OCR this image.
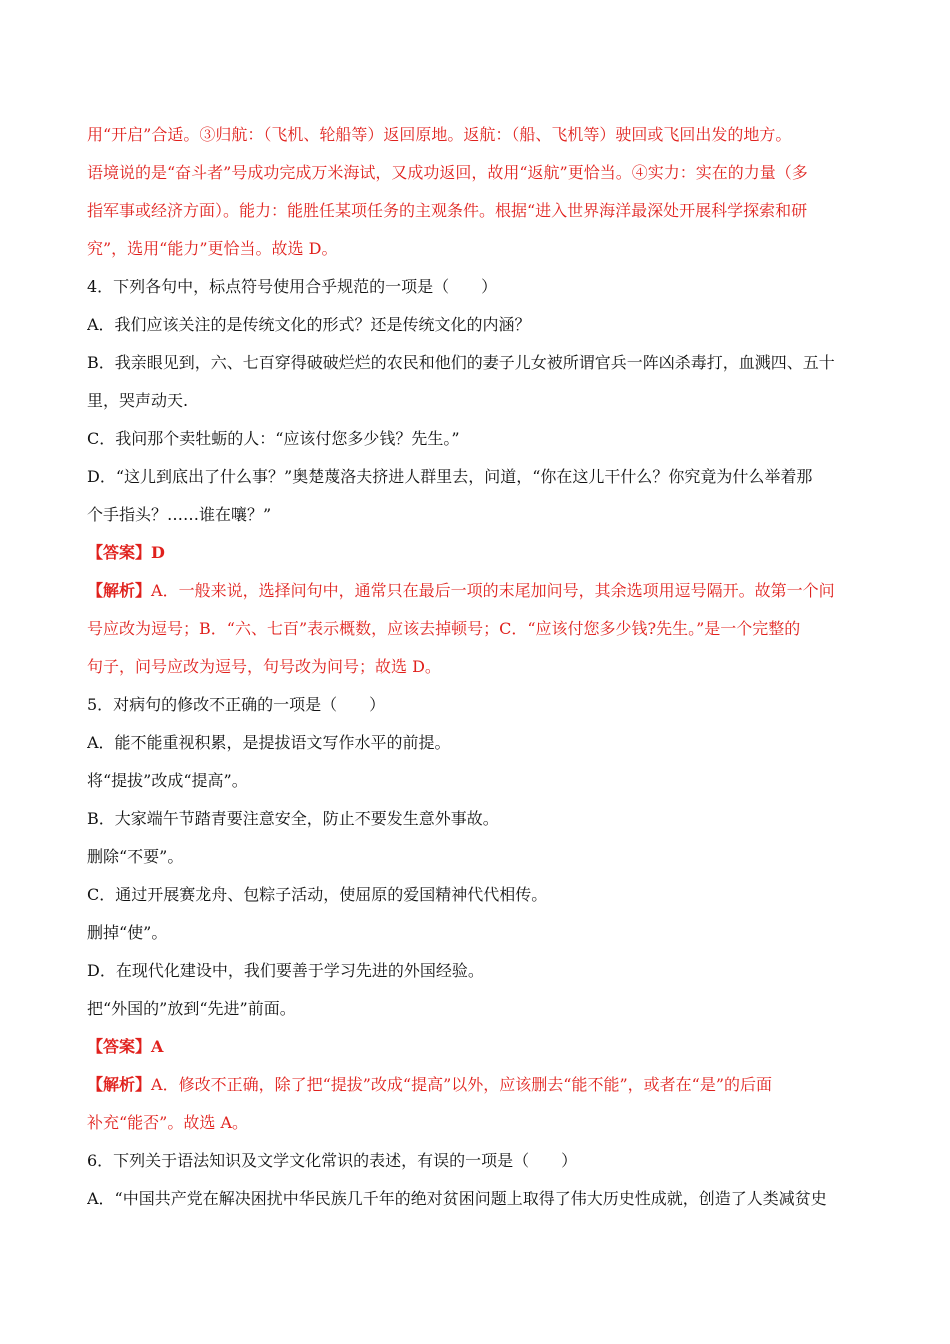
用“开启”合适。③归航：（飞机、轮船等）返回原地。返航：（船、飞机等）驶回或飞回出发的地方。
语境说的是“奋斗者”号成功完成万米海试，又成功返回，故用“返航”更恰当。④实力：实在的力量（多
指军事或经济方面）。能力：能胜任某项任务的主观条件。根据“进入世界海洋最深处开展科学探索和研
究”，选用“能力”更恰当。故选 D。
4．下列各句中，标点符号使用合乎规范的一项是（　　）
A．我们应该关注的是传统文化的形式？还是传统文化的内涵？
B．我亲眼见到，六、七百穿得破破烂烂的农民和他们的妻子儿女被所谓官兵一阵凶杀毒打，血溅四、五十
里，哭声动天.
C．我问那个卖牡蛎的人：“应该付您多少钱？先生。”
D．“这儿到底出了什么事？”奥楚蔑洛夫挤进人群里去，问道，“你在这儿干什么？你究竟为什么举着那
个手指头？……谁在嚷？”
【答案】D
【解析】A．一般来说，选择问句中，通常只在最后一项的末尾加问号，其余选项用逗号隔开。故第一个问
号应改为逗号；B．“六、七百”表示概数，应该去掉顿号；C．“应该付您多少钱?先生。”是一个完整的
句子，问号应改为逗号，句号改为问号；故选 D。
5．对病句的修改不正确的一项是（　　）
A．能不能重视积累，是提拔语文写作水平的前提。
将“提拔”改成“提高”。
B．大家端午节踏青要注意安全，防止不要发生意外事故。
删除“不要”。
C．通过开展赛龙舟、包粽子活动，使屈原的爱国精神代代相传。
删掉“使”。
D．在现代化建设中，我们要善于学习先进的外国经验。
把“外国的”放到“先进”前面。
【答案】A
【解析】A．修改不正确，除了把“提拔”改成“提高”以外，应该删去“能不能”，或者在“是”的后面
补充“能否”。故选 A。
6．下列关于语法知识及文学文化常识的表述，有误的一项是（　　）
A．“中国共产党在解决困扰中华民族几千年的绝对贫困问题上取得了伟大历史性成就，创造了人类减贫史
